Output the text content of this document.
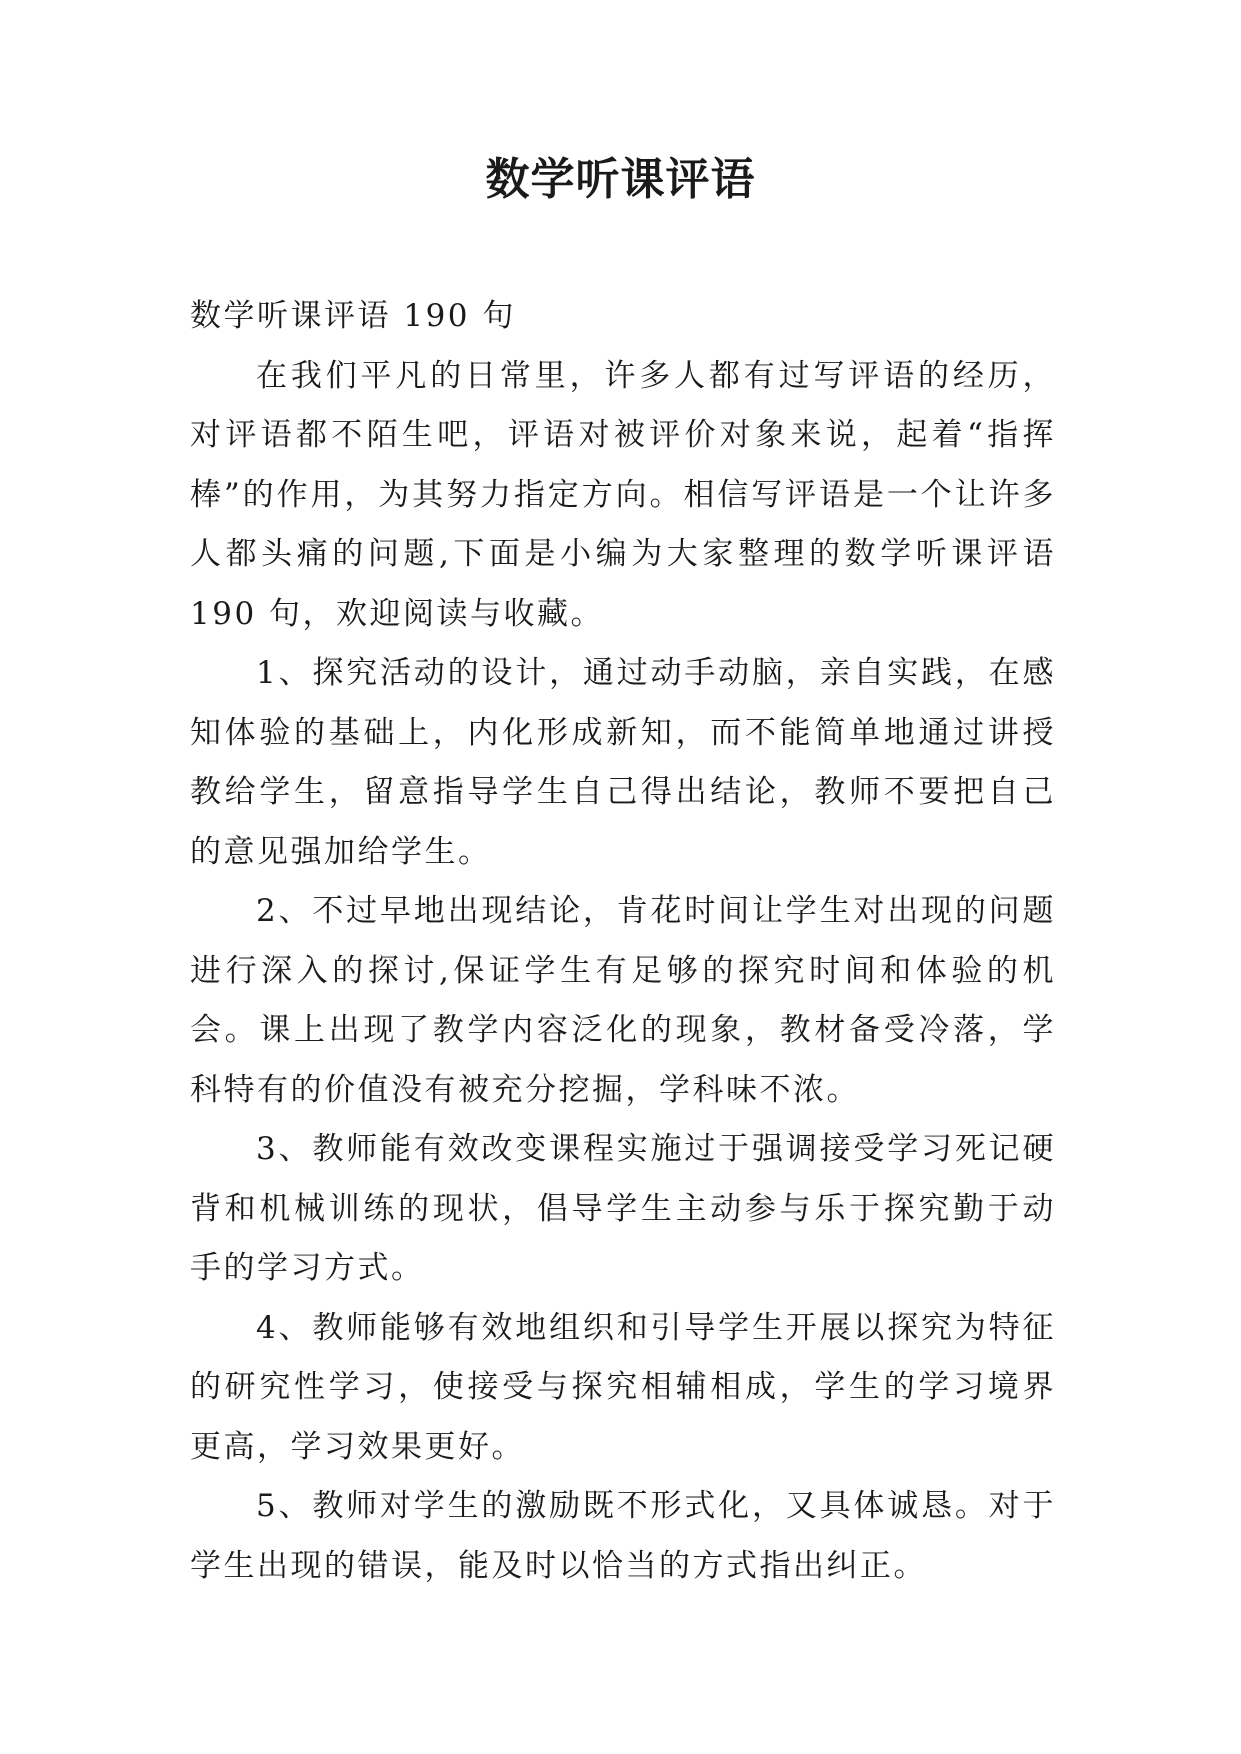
数学听课评语

数学听课评语 190 句

在我们平凡的日常里，许多人都有过写评语的经历，对评语都不陌生吧，评语对被评价对象来说，起着“指挥棒”的作用，为其努力指定方向。相信写评语是一个让许多人都头痛的问题,下面是小编为大家整理的数学听课评语 190 句，欢迎阅读与收藏。

1、探究活动的设计，通过动手动脑，亲自实践，在感知体验的基础上，内化形成新知，而不能简单地通过讲授教给学生，留意指导学生自己得出结论，教师不要把自己的意见强加给学生。

2、不过早地出现结论，肯花时间让学生对出现的问题进行深入的探讨,保证学生有足够的探究时间和体验的机会。课上出现了教学内容泛化的现象，教材备受冷落，学科特有的价值没有被充分挖掘，学科味不浓。

3、教师能有效改变课程实施过于强调接受学习死记硬背和机械训练的现状，倡导学生主动参与乐于探究勤于动手的学习方式。

4、教师能够有效地组织和引导学生开展以探究为特征的研究性学习，使接受与探究相辅相成，学生的学习境界更高，学习效果更好。

5、教师对学生的激励既不形式化，又具体诚恳。对于学生出现的错误，能及时以恰当的方式指出纠正。
